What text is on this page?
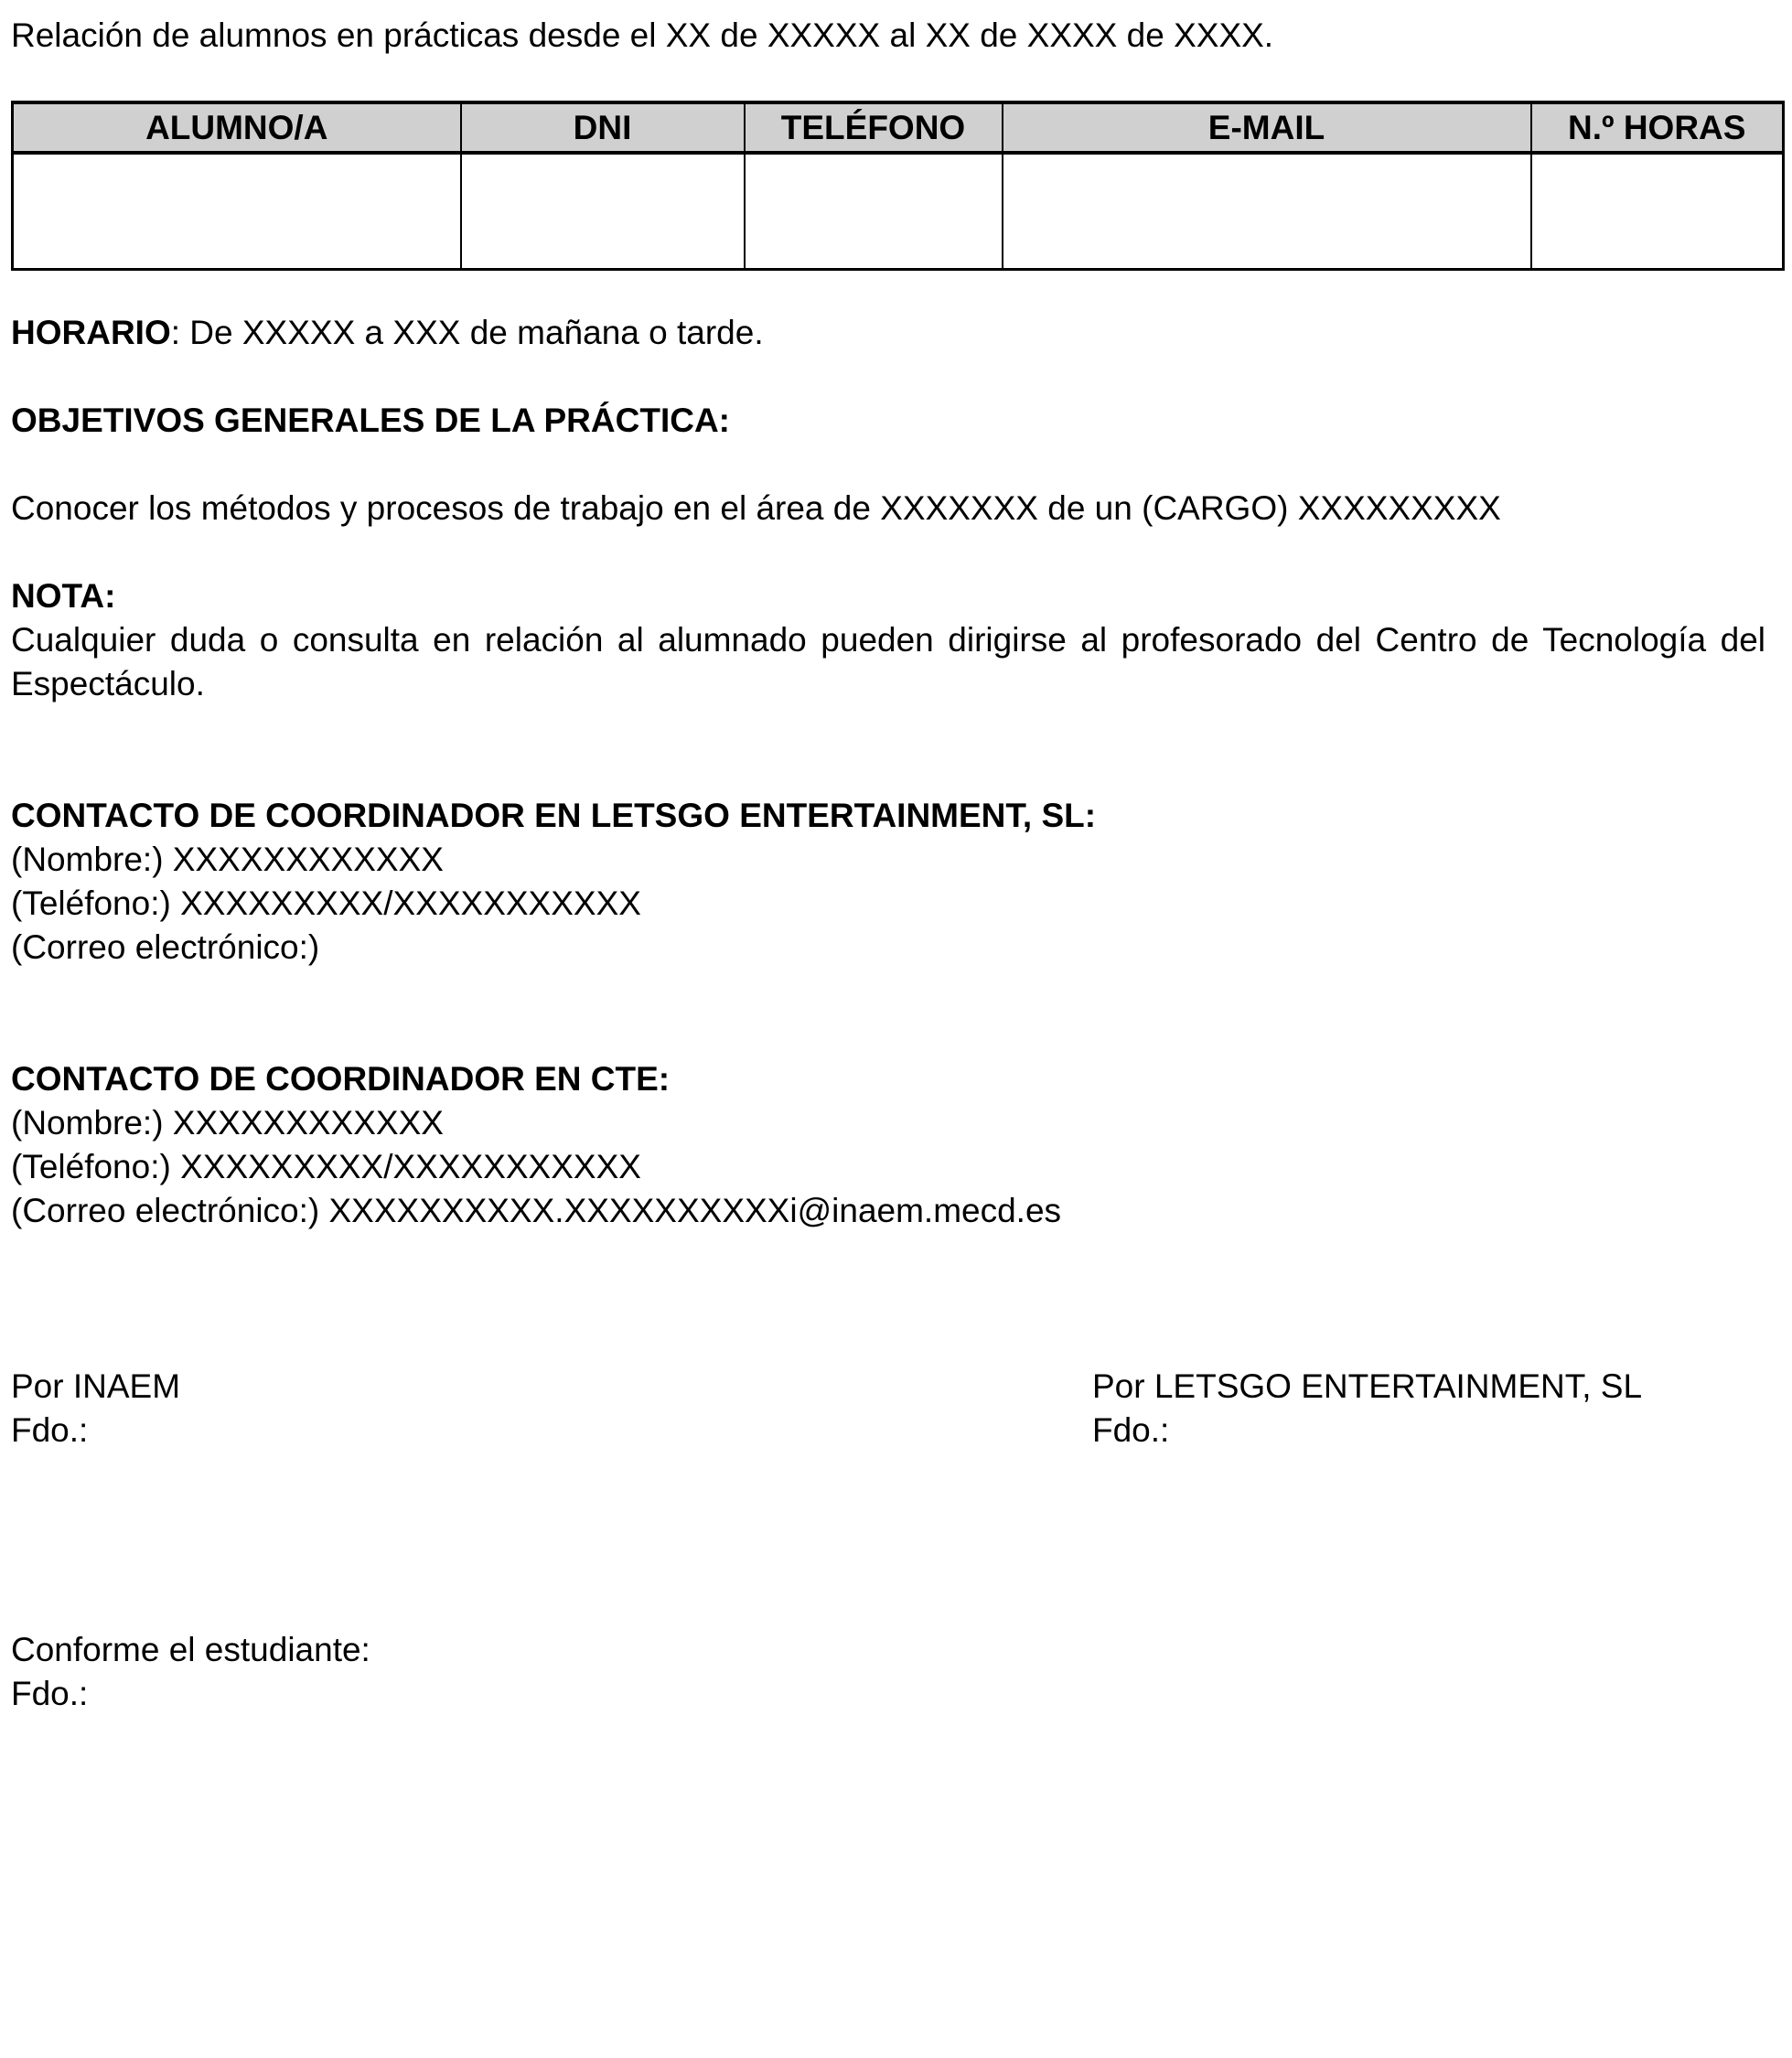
Relación de alumnos en prácticas desde el XX de XXXXX al XX de XXXX de XXXX.

ALUMNO/A	DNI	TELÉFONO	E-MAIL	N.º HORAS

HORARIO: De XXXXX a XXX de mañana o tarde.

OBJETIVOS GENERALES DE LA PRÁCTICA:

Conocer los métodos y procesos de trabajo en el área de XXXXXXX de un (CARGO) XXXXXXXXX

NOTA:

Cualquier duda o consulta en relación al alumnado pueden dirigirse al profesorado del Centro de Tecnología del Espectáculo.

CONTACTO DE COORDINADOR EN LETSGO ENTERTAINMENT, SL:

(Nombre:) XXXXXXXXXXXX

(Teléfono:) XXXXXXXXX/XXXXXXXXXXX

(Correo electrónico:)

CONTACTO DE COORDINADOR EN CTE:

(Nombre:) XXXXXXXXXXXX

(Teléfono:) XXXXXXXXX/XXXXXXXXXXX

(Correo electrónico:) XXXXXXXXXX.XXXXXXXXXXi@inaem.mecd.es

Por INAEM

Fdo.:

Por LETSGO ENTERTAINMENT, SL

Fdo.:

Conforme el estudiante:

Fdo.:
